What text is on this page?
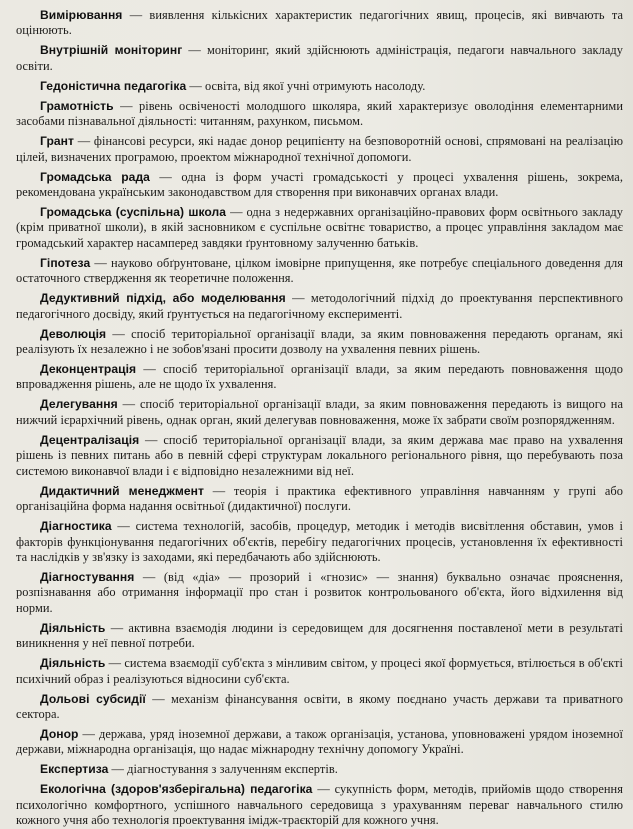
Вимірювання — виявлення кількісних характеристик педагогічних явищ, процесів, які вивчають та оцінюють.

Внутрішній моніторинг — моніторинг, який здійснюють адміністрація, педагоги навчального закладу освіти.

Гедоністична педагогіка — освіта, від якої учні отримують насолоду.

Грамотність — рівень освіченості молодшого школяра, який характеризує оволодіння елементарними засобами пізнавальної діяльності: читанням, рахунком, письмом.

Грант — фінансові ресурси, які надає донор реципієнту на безповоротній основі, спрямовані на реалізацію цілей, визначених програмою, проектом міжнародної технічної допомоги.

Громадська рада — одна із форм участі громадськості у процесі ухвалення рішень, зокрема, рекомендована українським законодавством для створення при виконавчих органах влади.

Громадська (суспільна) школа — одна з недержавних організаційно-правових форм освітнього закладу (крім приватної школи), в якій засновником є суспільне освітнє товариство, а процес управління закладом має громадський характер насамперед завдяки ґрунтовному залученню батьків.

Гіпотеза — науково обґрунтоване, цілком імовірне припущення, яке потребує спеціального доведення для остаточного ствердження як теоретичне положення.

Дедуктивний підхід, або моделювання — методологічний підхід до проектування перспективного педагогічного досвіду, який ґрунтується на педагогічному експерименті.

Деволюція — спосіб територіальної організації влади, за яким повноваження передають органам, які реалізують їх незалежно і не зобов'язані просити дозволу на ухвалення певних рішень.

Деконцентрація — спосіб територіальної організації влади, за яким передають повноваження щодо впровадження рішень, але не щодо їх ухвалення.

Делегування — спосіб територіальної організації влади, за яким повноваження передають із вищого на нижчий ієрархічний рівень, однак орган, який делегував повноваження, може їх забрати своїм розпорядженням.

Децентралізація — спосіб територіальної організації влади, за яким держава має право на ухвалення рішень із певних питань або в певній сфері структурам локального регіонального рівня, що перебувають поза системою виконавчої влади і є відповідно незалежними від неї.

Дидактичний менеджмент — теорія і практика ефективного управління навчанням у групі або організаційна форма надання освітньої (дидактичної) послуги.

Діагностика — система технологій, засобів, процедур, методик і методів висвітлення обставин, умов і факторів функціонування педагогічних об'єктів, перебігу педагогічних процесів, установлення їх ефективності та наслідків у зв'язку із заходами, які передбачають або здійснюють.

Діагностування — (від «діа» — прозорий і «гнозис» — знання) буквально означає прояснення, розпізнавання або отримання інформації про стан і розвиток контрольованого об'єкта, його відхилення від норми.

Діяльність — активна взаємодія людини із середовищем для досягнення поставленої мети в результаті виникнення у неї певної потреби.

Діяльність — система взаємодії суб'єкта з мінливим світом, у процесі якої формується, втілюється в об'єкті психічний образ і реалізуються відносини суб'єкта.

Дольові субсидії — механізм фінансування освіти, в якому поєднано участь держави та приватного сектора.

Донор — держава, уряд іноземної держави, а також організація, установа, уповноважені урядом іноземної держави, міжнародна організація, що надає міжнародну технічну допомогу Україні.

Експертиза — діагностування з залученням експертів.

Екологічна (здоров'язберігальна) педагогіка — сукупність форм, методів, прийомів щодо створення психологічно комфортного, успішного навчального середовища з урахуванням переваг навчального стилю кожного учня або технологія проектування імідж-траєкторій для кожного учня.
